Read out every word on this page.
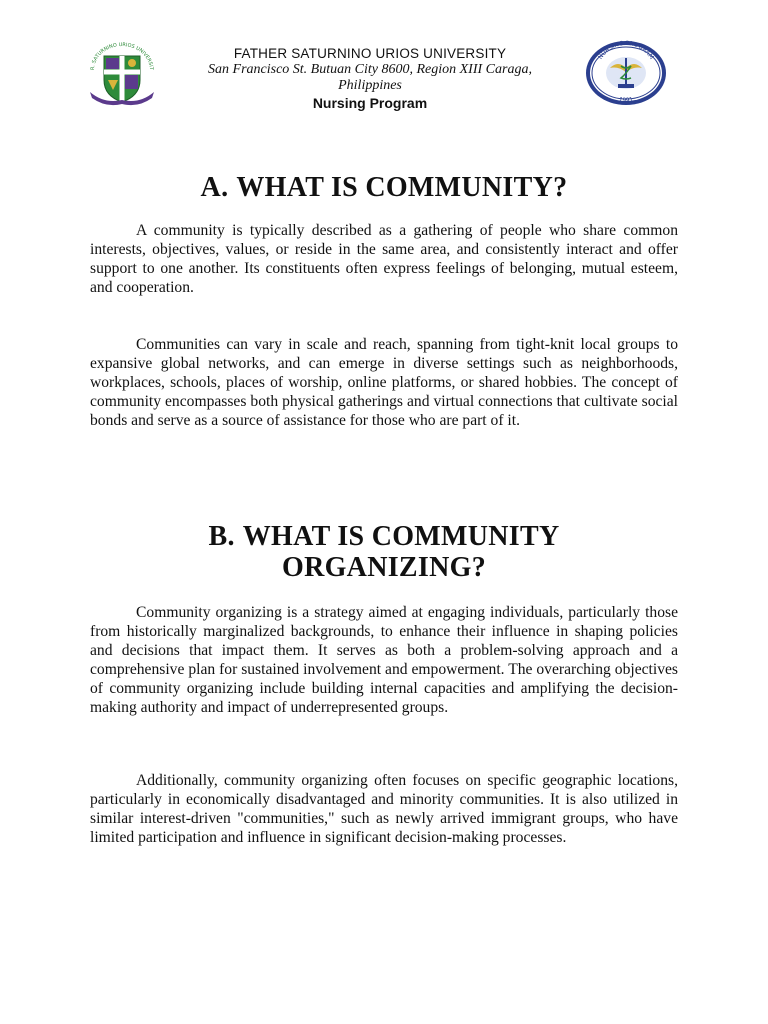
R. SATURNINO URIOS UNIVERSIT
FATHER SATURNINO URIOS UNIVERSITY
San Francisco St. Butuan City 8600, Region XIII Caraga,
Philippines
Nursing Program
NURSING PROGRAM
1991
A. WHAT IS COMMUNITY?

A community is typically described as a gathering of people who share common interests, objectives, values, or reside in the same area, and consistently interact and offer support to one another. Its constituents often express feelings of belonging, mutual esteem, and cooperation.

Communities can vary in scale and reach, spanning from tight-knit local groups to expansive global networks, and can emerge in diverse settings such as neighborhoods, workplaces, schools, places of worship, online platforms, or shared hobbies. The concept of community encompasses both physical gatherings and virtual connections that cultivate social bonds and serve as a source of assistance for those who are part of it.

B. WHAT IS COMMUNITY
ORGANIZING?

Community organizing is a strategy aimed at engaging individuals, particularly those from historically marginalized backgrounds, to enhance their influence in shaping policies and decisions that impact them. It serves as both a problem-solving approach and a comprehensive plan for sustained involvement and empowerment. The overarching objectives of community organizing include building internal capacities and amplifying the decision-making authority and impact of underrepresented groups.

Additionally, community organizing often focuses on specific geographic locations, particularly in economically disadvantaged and minority communities. It is also utilized in similar interest-driven "communities," such as newly arrived immigrant groups, who have limited participation and influence in significant decision-making processes.
